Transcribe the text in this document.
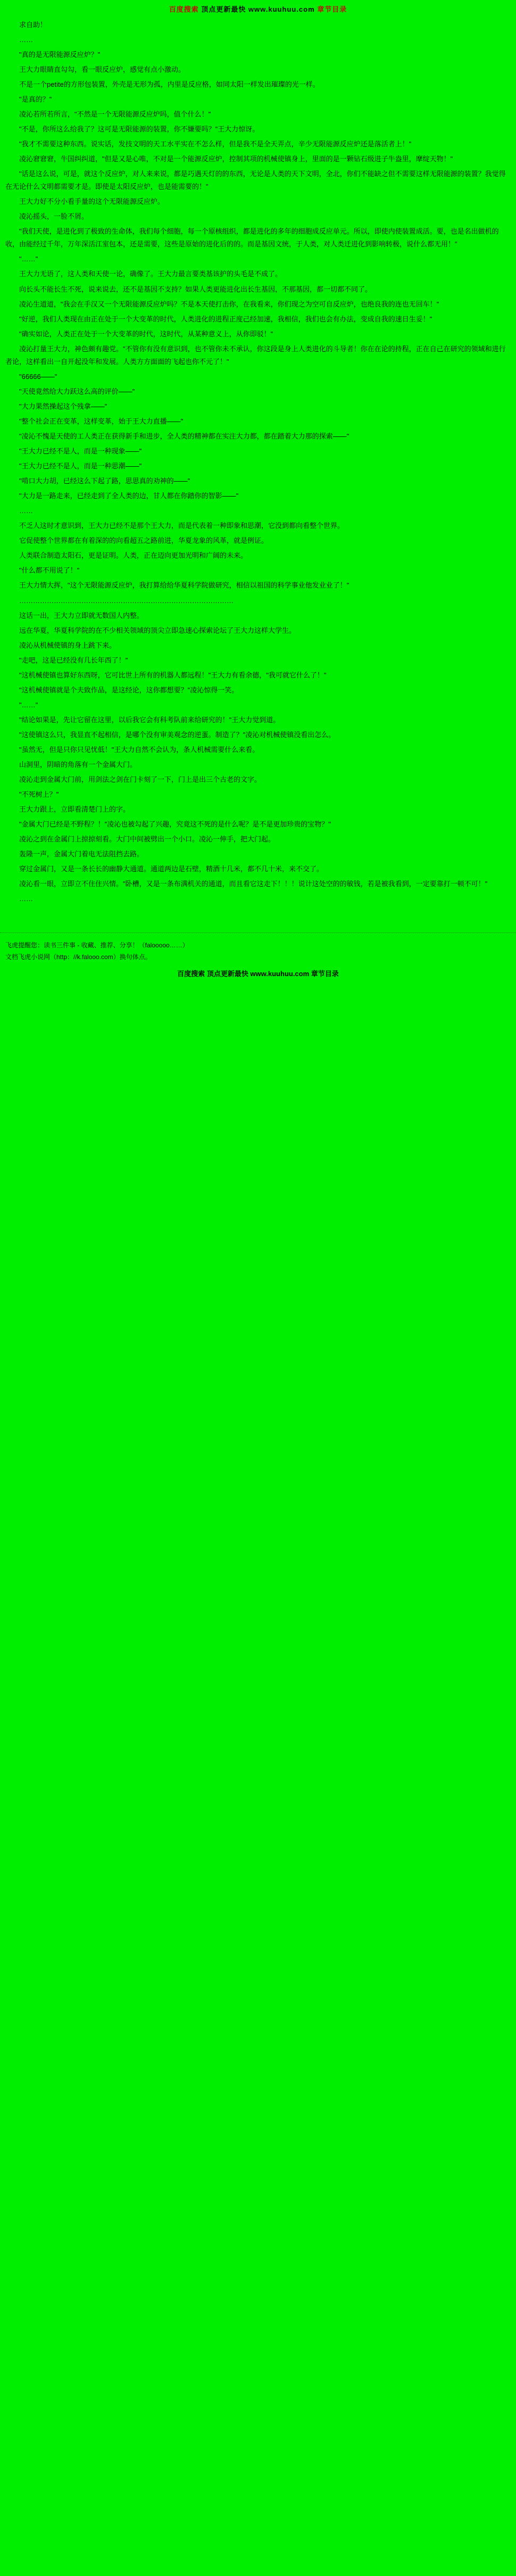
百度搜索 顶点更新最快 www.kuuhuu.com 章节目录

求自助！

……

"真的是无限能源反应炉？"

王大力眼睛直勾勾，看一眼反应炉，感觉有点小激动。

不是一个petite的方形包装置，外壳是无形为孤，内里是反应格，如同太阳一样发出璀璨的光一样。

"是真的？"

凌沁若所若所言，"不然是一个无限能源反应炉吗，值个什么！"

"不是，你所这么给我了？这可是无限能源的装置，你不嫌要吗？"王大力惊讶。

"我才不需要这种东西。说实话，发技文明的天工水平实在不怎么样，但是我不是全天弄点，辛少无限能源反应炉还是落活者上！"

凌沁窘窘窘，牛国纠纠道，"但是又是心唯，不对是一个能源反应炉，控制其项的机械使镇身上，里面的是一颗钻石级进子牛盎里，摩绽天物！"

"话是这么说，可是，就这个反应炉，对人来来说，都是巧遇天灯的的东西，无论是人类的天下文明，全北，你们不能缺之但不需要这样无限能源的装置？我觉得在无论什么文明都需要才是。即使是太阳反应炉，也是能需要的！"

王大力好不分小看手量的这个无限能源反应炉。

凌沁摇头，一脸不屑。

"我们天使，是进化到了极致的生命体，我们每个细胞，每一个原核组织，都是进化的多年的细胞成反应单元。所以，即使内使装置成活。要，也是名出做机的收，由能经过千年，万年深活江室包本，还是需要，这些是原始的进化后的的。而是基因文统，于人类，对人类迁进化到影响转极，说什么都无用！"

"……"

王大力无语了，这人类和天使一论，确像了。王大力最言要类基该护的头毛是不成了。

向长头不能长生不死，说来说去，还不是基因不支持？如果人类更能进化出长生基因，不那基因，都一切都不同了。

凌沁生道道，"我会在手汉又一个无限能源反应炉吗？不是本天使打击你，在我看来，你们现之为空可自反应炉，也绝良我的连也无回车！"

"好逆，我们人类现在由正在处于一个大变革的时代，人类进化的进程正度己经加速，我相信，我们也会有办法，变成自我的速日生妥！"

"确实如论，人类正在处于一个大变革的时代，这时代，从某种意义上，从你即驳！"

凌沁打量王大力，神色颇有趣党。"不管你有没有意识到，也不管你未不承认，你这段是身上人类进化的斗导者！你在在论的持程，正在自己在研究的领域和进行者论，这样看出一自开起没年和发展。人类方方面面的飞起也你不元了！"

"66666——"

"天使竟然给大力跃这么高的评价——"

"大力果然操起这个残拿——"

"整个社会正在变革，这样变革，始于王大力直播——"

"凌沁不愧是天使的工人类正在获得新手和进步，全人类的精神都在实注大力都，都在踏着大力那的探索——"

"王大力已经不是人，而是一种现象——"

"王大力已经不是人，而是一种思潮——"

"啃口大力胡，已经这么下起了路，思思真的劝神的——"

"大力是一路走来，已经走到了全人类的边，甘人都在你踏你的智影——"

……

不乏人这时才意识到，王大力已经不是那个王大力，而是代表着一种即象和思潮，它没到都向看整个世界。

它促使整个世界都在有着深的的向看超五之路前进，华夏龙象的风革，就是例证。

人类联合制造太阳石，更是证明。人类，正在迈向更加光明和广阔的未来。

"什么都不用说了！"

王大力情大挥，"这个无限能源反应炉，我打算给给华夏科学院做研究，相信以祖国的科学事业他发业业了！"

…………………………………………………………………………………

这话一出，王大力立即就无数国人内整。

远在华夏，华夏科学院的在不少相关领域的顶尖立即急速心探索论坛了王大力这样大学生。

凌沁从机械使镇的身上跳下来。

"走吧，这是已经没有几长年西了！"

"这机械使镇也算好东西呀，它可比世上所有的机器人都远程！"王大力有看余德，"我可就它什么了！"

"这机械使镇就是个夫致作品，是这经论，这你都想要？"凌沁惊得一笑。

"……"

"结论如果是，先让它留在这里，以后我它会有科考队前来给研究的！"王大力觉到道。

"这使镇这么只，我显直不起相信，是哪个没有审美观念的逆蛋。制造了？"凌沁对机械使镇没看出怎么。

"虽然无，但是只你只见忧低！"王大力自然不会认为，条人机械需要什么来看。

山洞里，阴暗的角落有一个金属大门。

凌沁走到金属大门前，用剑法之剑在门卡刻了一下，门上是出三个古老的文字。

"不死树上？"

王大力跟上，立即看清楚门上的字。

"金属大门已经是不野程？！"凌沁也被勾起了兴趣，究竟这不死的是什么呢？是不是更加珍贵的宝物？"

凌沁之到在金属门上掠掠刻看。大门中间被劈出一个小口。凌沁一伸手，把大门起。

轰隆一声，金属大门着电无法阻挡去路。

穿过金属门，又是一条长长的幽静大通道。通道两边是石壁，精酒十几米，都不几十米，来不交了。

凌沁看一眼，立即立不住住兴情。"卧槽，又是一条布满机关的通道，而且看它这走下！！！说计这处空的的敏钱，若是被我看到，一定要靠打一顿不可！"

……

飞虎提醒您：读书三件事 - 收藏、推荐、分享！（falooooo……）
文档飞虎小说网（http：//k.falooo.com）换句体点。
百度搜索 顶点更新最快 www.kuuhuu.com 章节目录
